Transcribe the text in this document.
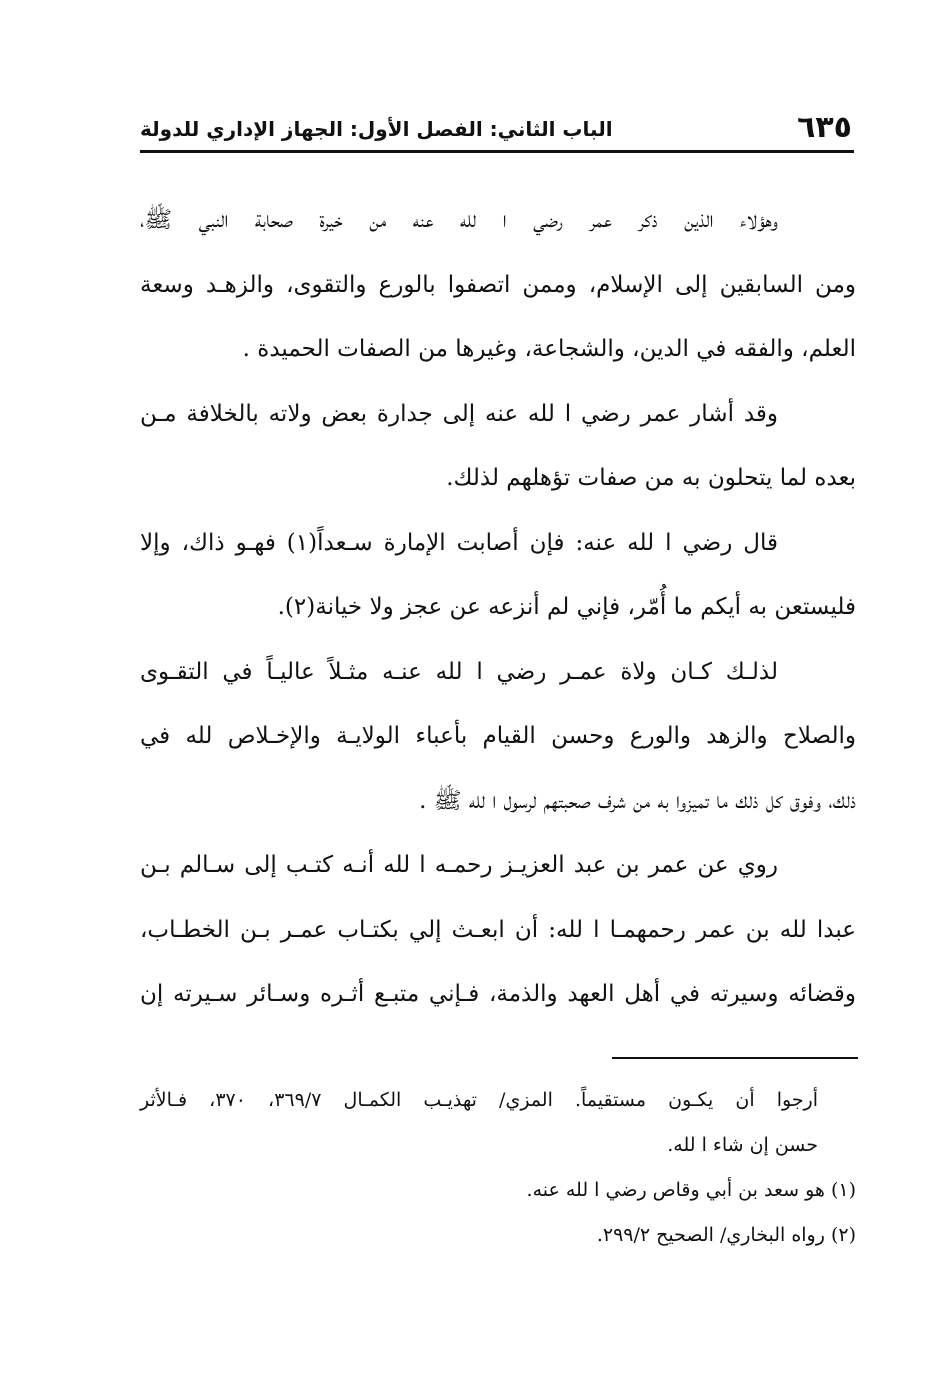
٦٣٥
الباب الثاني: الفصل الأول: الجهاز الإداري للدولة
وهؤلاء الذين ذكر عمر رضي ا لله عنه من خيرة صحابة النبي ﷺ،
ومن السابقين إلى الإسلام، وممن اتصفوا بالورع والتقوى، والزهـد وسعة
العلم، والفقه في الدين، والشجاعة، وغيرها من الصفات الحميدة .
وقد أشار عمر رضي ا لله عنه إلى جدارة بعض ولاته بالخلافة مـن
بعده لما يتحلون به من صفات تؤهلهم لذلك.
قال رضي ا لله عنه: فإن أصابت الإمارة سـعداً(١) فهـو ذاك، وإلا
فليستعن به أيكم ما أُمّر، فإني لم أنزعه عن عجز ولا خيانة(٢).
لذلـك كـان ولاة عمـر رضي ا لله عنـه مثـلاً عاليـاً في التقـوى
والصلاح والزهد والورع وحسن القيام بأعباء الولايـة والإخـلاص لله في
ذلك، وفوق كل ذلك ما تميزوا به من شرف صحبتهم لرسول ا لله ﷺ .
روي عن عمر بن عبد العزيـز رحمـه ا لله أنـه كتـب إلى سـالم بـن
عبدا لله بن عمر رحمهمـا ا لله: أن ابعـث إلي بكتـاب عمـر بـن الخطـاب،
وقضائه وسيرته في أهل العهد والذمة، فـإني متبـع أثـره وسـائر سـيرته إن
أرجوا أن يكـون مستقيماً. المزي/ تهذيـب الكمـال ٣٦٩/٧، ٣٧٠، فـالأثر
حسن إن شاء ا لله.
(١) هو سعد بن أبي وقاص رضي ا لله عنه.
(٢) رواه البخاري/ الصحيح ٢٩٩/٢.
